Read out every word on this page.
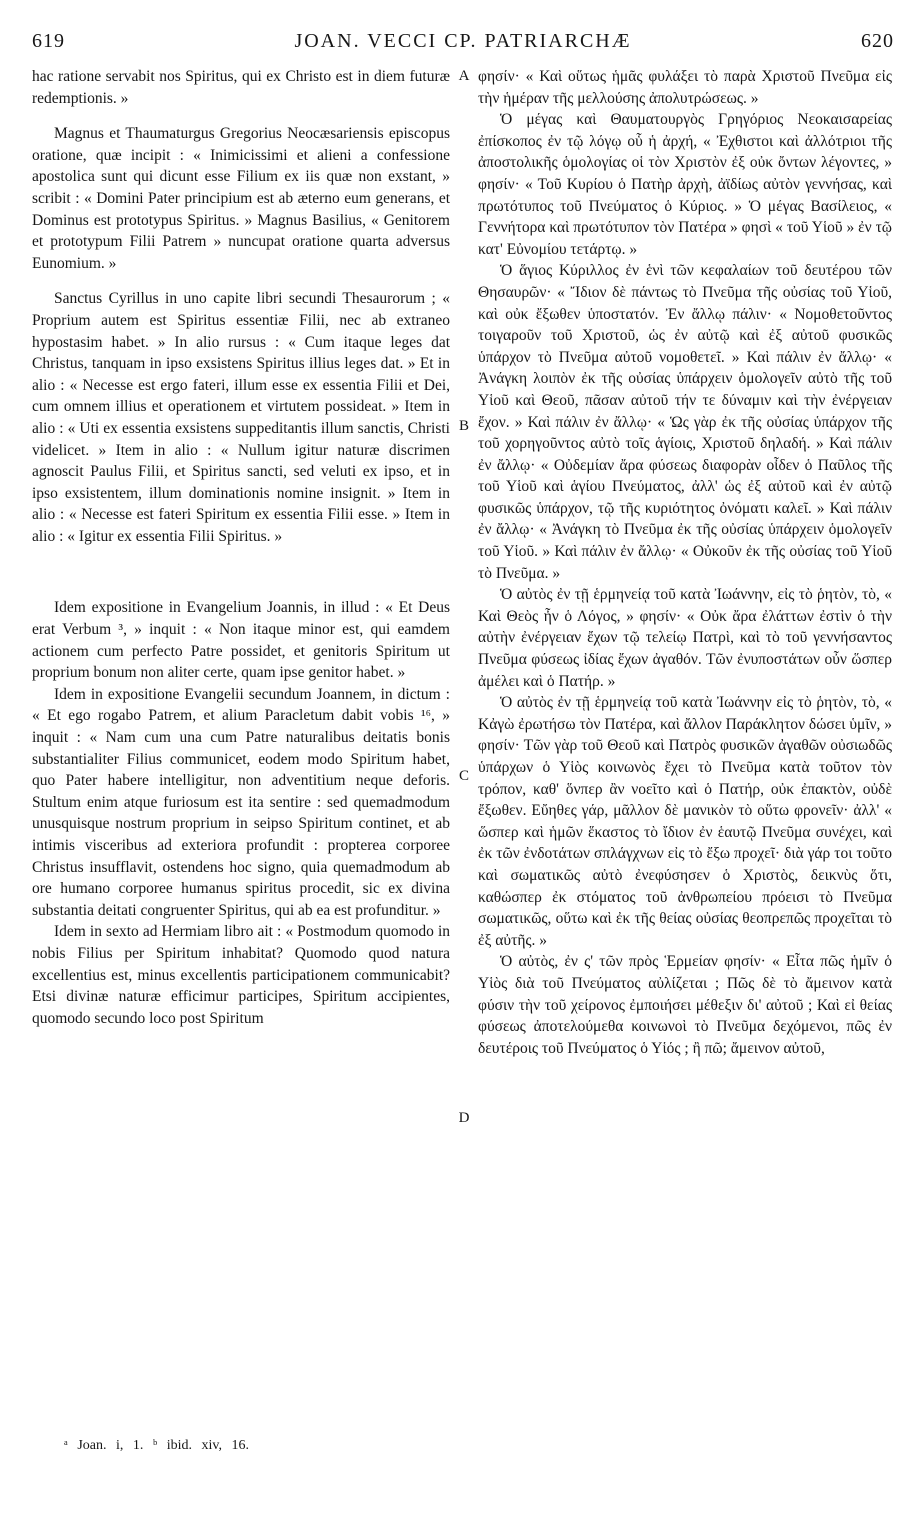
619	JOAN. VECCI CP. PATRIARCHÆ	620

hac ratione servabit nos Spiritus, qui ex Christo est in diem futuræ redemptionis. »

Magnus et Thaumaturgus Gregorius Neocæsariensis episcopus oratione, quæ incipit : « Inimicissimi et alieni a confessione apostolica sunt qui dicunt esse Filium ex iis quæ non exstant, » scribit : « Domini Pater principium est ab æterno eum generans, et Dominus est prototypus Spiritus. » Magnus Basilius, « Genitorem et prototypum Filii Patrem » nuncupat oratione quarta adversus Eunomium. »

Sanctus Cyrillus in uno capite libri secundi Thesaurorum ; « Proprium autem est Spiritus essentiæ Filii, nec ab extraneo hypostasim habet. » In alio rursus : « Cum itaque leges dat Christus, tanquam in ipso exsistens Spiritus illius leges dat. » Et in alio : « Necesse est ergo fateri, illum esse ex essentia Filii et Dei, cum omnem illius et operationem et virtutem possideat. » Item in alio : « Uti ex essentia exsistens suppeditantis illum sanctis, Christi videlicet. » Item in alio : « Nullum igitur naturæ discrimen agnoscit Paulus Filii, et Spiritus sancti, sed veluti ex ipso, et in ipso exsistentem, illum dominationis nomine insignit. » Item in alio : « Necesse est fateri Spiritum ex essentia Filii esse. » Item in alio : « Igitur ex essentia Filii Spiritus. »

Idem expositione in Evangelium Joannis, in illud : « Et Deus erat Verbum ³, » inquit : « Non itaque minor est, qui eamdem actionem cum perfecto Patre possidet, et genitoris Spiritum ut proprium bonum non aliter certe, quam ipse genitor habet. »

Idem in expositione Evangelii secundum Joannem, in dictum : « Et ego rogabo Patrem, et alium Paracletum dabit vobis ¹⁶, » inquit : « Nam cum una cum Patre naturalibus deitatis bonis substantialiter Filius communicet, eodem modo Spiritum habet, quo Pater habere intelligitur, non adventitium neque deforis. Stultum enim atque furiosum est ita sentire : sed quemadmodum unusquisque nostrum proprium in seipso Spiritum continet, et ab intimis visceribus ad exteriora profundit : propterea corporee Christus insufflavit, ostendens hoc signo, quia quemadmodum ab ore humano corporee humanus spiritus procedit, sic ex divina substantia deitati congruenter Spiritus, qui ab ea est profunditur. »

Idem in sexto ad Hermiam libro ait : « Postmodum quomodo in nobis Filius per Spiritum inhabitat? Quomodo quod natura excellentius est, minus excellentis participationem communicabit? Etsi divinæ naturæ efficimur participes, Spiritum accipientes, quomodo secundo loco post Spiritum

φησίν· « Καὶ οὕτως ἡμᾶς φυλάξει τὸ παρὰ Χριστοῦ Πνεῦμα εἰς τὴν ἡμέραν τῆς μελλούσης ἀπολυτρώσεως. »

Ὁ μέγας καὶ Θαυματουργὸς Γρηγόριος Νεοκαισαρείας ἐπίσκοπος ἐν τῷ λόγῳ οὗ ἡ ἀρχή, « Ἐχθιστοι καὶ ἀλλότριοι τῆς ἀποστολικῆς ὁμολογίας οἱ τὸν Χριστὸν ἐξ οὐκ ὄντων λέγοντες, » φησίν· « Τοῦ Κυρίου ὁ Πατὴρ ἀρχὴ, ἀϊδίως αὐτὸν γεννήσας, καὶ πρωτότυπος τοῦ Πνεύματος ὁ Κύριος. » Ὁ μέγας Βασίλειος, « Γεννήτορα καὶ πρωτότυπον τὸν Πατέρα » φησὶ « τοῦ Υἱοῦ » ἐν τῷ κατ' Εὐνομίου τετάρτῳ. »

Ὁ ἅγιος Κύριλλος ἐν ἑνὶ τῶν κεφαλαίων τοῦ δευτέρου τῶν Θησαυρῶν· « Ἴδιον δὲ πάντως τὸ Πνεῦμα τῆς οὐσίας τοῦ Υἱοῦ, καὶ οὐκ ἔξωθεν ὑποστατόν. Ἐν ἄλλῳ πάλιν· « Νομοθετοῦντος τοιγαροῦν τοῦ Χριστοῦ, ὡς ἐν αὐτῷ καὶ ἐξ αὐτοῦ φυσικῶς ὑπάρχον τὸ Πνεῦμα αὐτοῦ νομοθετεῖ. » Καὶ πάλιν ἐν ἄλλῳ· « Ἀνάγκη λοιπὸν ἐκ τῆς οὐσίας ὑπάρχειν ὁμολογεῖν αὐτὸ τῆς τοῦ Υἱοῦ καὶ Θεοῦ, πᾶσαν αὐτοῦ τήν τε δύναμιν καὶ τὴν ἐνέργειαν ἔχον. » Καὶ πάλιν ἐν ἄλλῳ· « Ὡς γὰρ ἐκ τῆς οὐσίας ὑπάρχον τῆς τοῦ χορηγοῦντος αὐτὸ τοῖς ἁγίοις, Χριστοῦ δηλαδή. » Καὶ πάλιν ἐν ἄλλῳ· « Οὐδεμίαν ἄρα φύσεως διαφορὰν οἶδεν ὁ Παῦλος τῆς τοῦ Υἱοῦ καὶ ἁγίου Πνεύματος, ἀλλ' ὡς ἐξ αὐτοῦ καὶ ἐν αὐτῷ φυσικῶς ὑπάρχον, τῷ τῆς κυριότητος ὀνόματι καλεῖ. » Καὶ πάλιν ἐν ἄλλῳ· « Ἀνάγκη τὸ Πνεῦμα ἐκ τῆς οὐσίας ὑπάρχειν ὁμολογεῖν τοῦ Υἱοῦ. » Καὶ πάλιν ἐν ἄλλῳ· « Οὐκοῦν ἐκ τῆς οὐσίας τοῦ Υἱοῦ τὸ Πνεῦμα. »

Ὁ αὐτὸς ἐν τῇ ἑρμηνείᾳ τοῦ κατὰ Ἰωάννην, εἰς τὸ ῥητὸν, τὸ, « Καὶ Θεὸς ἦν ὁ Λόγος, » φησίν· « Οὐκ ἄρα ἐλάττων ἐστὶν ὁ τὴν αὐτὴν ἐνέργειαν ἔχων τῷ τελείῳ Πατρὶ, καὶ τὸ τοῦ γεννήσαντος Πνεῦμα φύσεως ἰδίας ἔχων ἀγαθόν. Τῶν ἐνυποστάτων οὖν ὥσπερ ἀμέλει καὶ ὁ Πατήρ. »

Ὁ αὐτὸς ἐν τῇ ἑρμηνείᾳ τοῦ κατὰ Ἰωάννην εἰς τὸ ῥητὸν, τὸ, « Κἀγὼ ἐρωτήσω τὸν Πατέρα, καὶ ἄλλον Παράκλητον δώσει ὑμῖν, » φησίν· Τῶν γὰρ τοῦ Θεοῦ καὶ Πατρὸς φυσικῶν ἀγαθῶν οὐσιωδῶς ὑπάρχων ὁ Υἱὸς κοινωνὸς ἔχει τὸ Πνεῦμα κατὰ τοῦτον τὸν τρόπον, καθ' ὅνπερ ἂν νοεῖτο καὶ ὁ Πατήρ, οὐκ ἐπακτὸν, οὐδὲ ἔξωθεν. Εὔηθες γάρ, μᾶλλον δὲ μανικὸν τὸ οὕτω φρονεῖν· ἀλλ' « ὥσπερ καὶ ἡμῶν ἕκαστος τὸ ἴδιον ἐν ἑαυτῷ Πνεῦμα συνέχει, καὶ ἐκ τῶν ἐνδοτάτων σπλάγχνων εἰς τὸ ἔξω προχεῖ· διὰ γάρ τοι τοῦτο καὶ σωματικῶς αὐτὸ ἐνεφύσησεν ὁ Χριστὸς, δεικνὺς ὅτι, καθώσπερ ἐκ στόματος τοῦ ἀνθρωπείου πρόεισι τὸ Πνεῦμα σωματικῶς, οὕτω καὶ ἐκ τῆς θείας οὐσίας θεοπρεπῶς προχεῖται τὸ ἐξ αὐτῆς. »

Ὁ αὐτὸς, ἐν ς' τῶν πρὸς Ἑρμείαν φησίν· « Εἶτα πῶς ἡμῖν ὁ Υἱὸς διὰ τοῦ Πνεύματος αὐλίζεται ; Πῶς δὲ τὸ ἄμεινον κατὰ φύσιν τὴν τοῦ χείρονος ἐμποιήσει μέθεξιν δι' αὐτοῦ ; Καὶ εἰ θείας φύσεως ἀποτελούμεθα κοινωνοὶ τὸ Πνεῦμα δεχόμενοι, πῶς ἐν δευτέροις τοῦ Πνεύματος ὁ Υἱός ; ἢ πῶ; ἄμεινον αὐτοῦ,

A
B
C
D
ᵃ Joan. i, 1. ᵇ ibid. xiv, 16.
